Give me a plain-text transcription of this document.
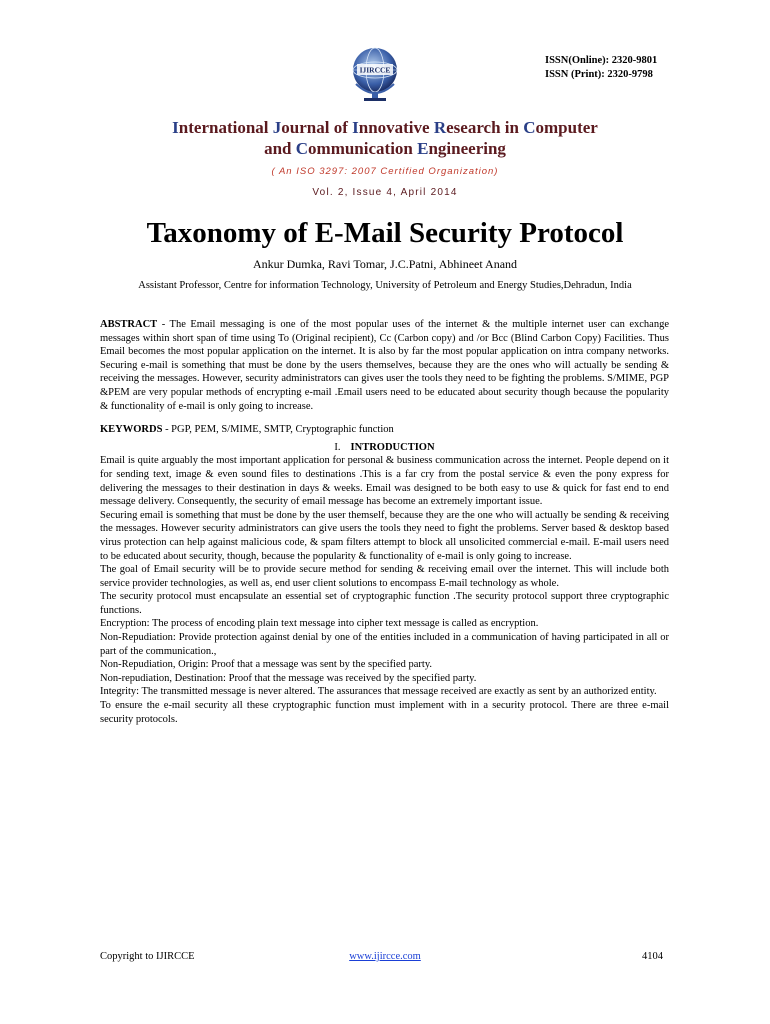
IJIRCCE
ISSN(Online): 2320-9801
ISSN (Print): 2320-9798
International Journal of Innovative Research in Computer
and Communication Engineering
( An ISO 3297: 2007 Certified Organization)
Vol. 2, Issue 4, April 2014
Taxonomy of E-Mail Security Protocol
Ankur Dumka, Ravi Tomar, J.C.Patni, Abhineet Anand
Assistant Professor, Centre for information Technology, University of Petroleum and Energy Studies,Dehradun, India

ABSTRACT - The Email messaging is one of the most popular uses of the internet & the multiple internet user can exchange messages within short span of time using To (Original recipient), Cc (Carbon copy) and /or Bcc (Blind Carbon Copy) Facilities. Thus Email becomes the most popular application on the internet. It is also by far the most popular application on intra company networks. Securing e-mail is something that must be done by the users themselves, because they are the ones who will actually be sending & receiving the messages. However, security administrators can gives user the tools they need to be fighting the problems. S/MIME, PGP &PEM are very popular methods of encrypting e-mail .Email users need to be educated about security though because the popularity & functionality of e-mail is only going to increase.

KEYWORDS - PGP, PEM, S/MIME, SMTP, Cryptographic function

I. INTRODUCTION

Email is quite arguably the most important application for personal & business communication across the internet. People depend on it for sending text, image & even sound files to destinations .This is a far cry from the postal service & even the pony express for delivering the messages to their destination in days & weeks. Email was designed to be both easy to use & quick for fast end to end message delivery. Consequently, the security of email message has become an extremely important issue.

Securing email is something that must be done by the user themself, because they are the one who will actually be sending & receiving the messages. However security administrators can give users the tools they need to fight the problems. Server based & desktop based virus protection can help against malicious code, & spam filters attempt to block all unsolicited commercial e-mail. E-mail users need to be educated about security, though, because the popularity & functionality of e-mail is only going to increase.

The goal of Email security will be to provide secure method for sending & receiving email over the internet. This will include both service provider technologies, as well as, end user client solutions to encompass E-mail technology as whole.

The security protocol must encapsulate an essential set of cryptographic function .The security protocol support three cryptographic functions.

Encryption: The process of encoding plain text message into cipher text message is called as encryption.

Non-Repudiation: Provide protection against denial by one of the entities included in a communication of having participated in all or part of the communication.,

Non-Repudiation, Origin: Proof that a message was sent by the specified party.

Non-repudiation, Destination: Proof that the message was received by the specified party.

Integrity: The transmitted message is never altered. The assurances that message received are exactly as sent by an authorized entity.

To ensure the e-mail security all these cryptographic function must implement with in a security protocol. There are three e-mail security protocols.

Copyright to IJIRCCE	www.ijircce.com	4104
